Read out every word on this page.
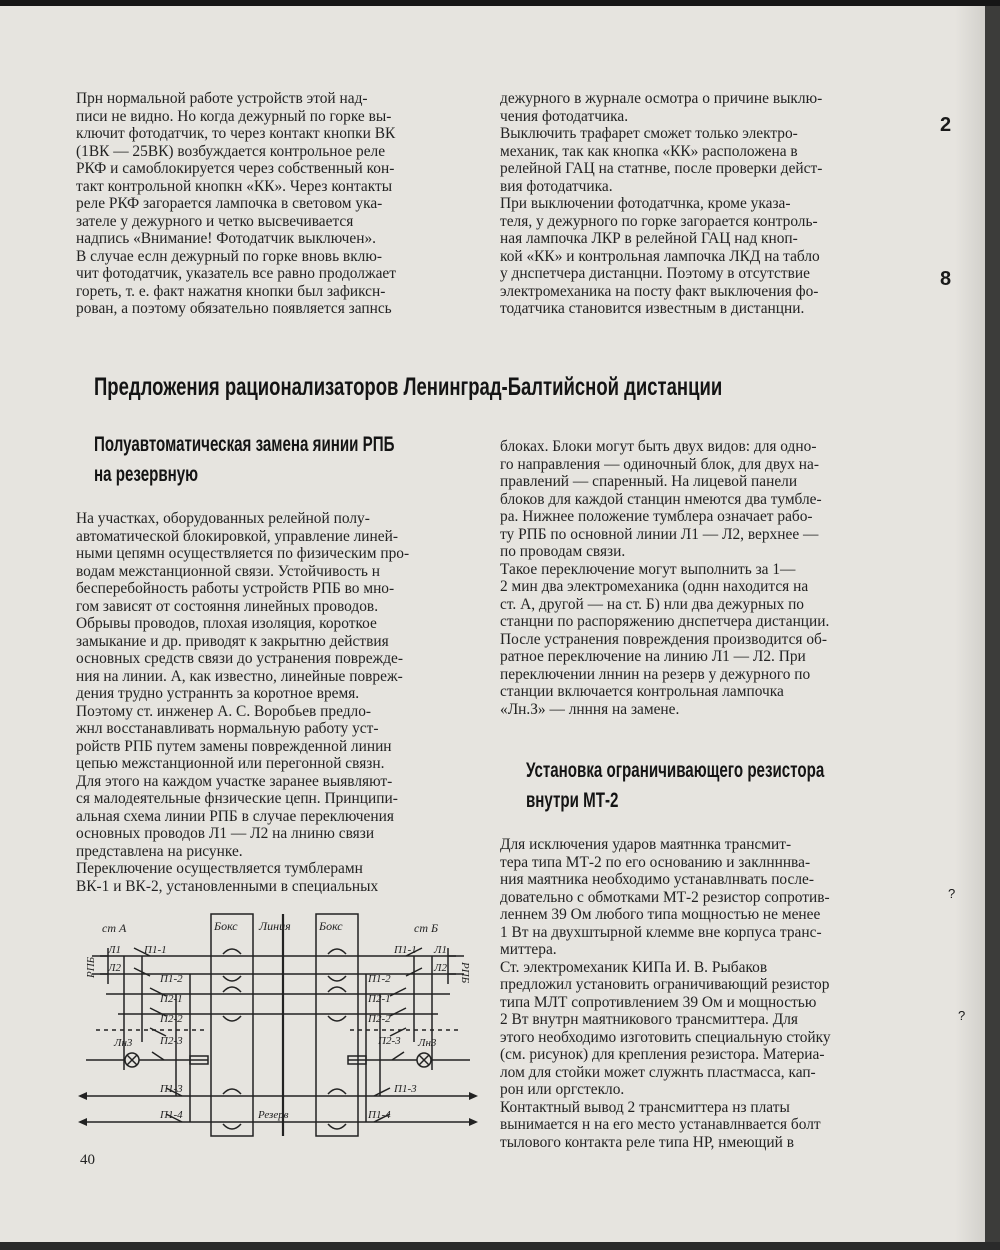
Прн нормальной работе устройств этой над-
писи не видно. Но когда дежурный по горке вы-
ключит фотодатчик, то через контакт кнопки ВК
(1ВК — 25ВК) возбуждается контрольное реле
РКФ и самоблокируется через собственный кон-
такт контрольной кнопкн «КК». Через контакты
реле РКФ загорается лампочка в световом ука-
зателе у дежурного и четко высвечивается
надпись «Внимание! Фотодатчик выключен».
В случае еслн дежурный по горке вновь вклю-
чит фотодатчик, указатель все равно продолжает
гореть, т. е. факт нажатня кнопки был зафиксн-
рован, а поэтому обязательно появляется запнсь

дежурного в журнале осмотра о причине выклю-
чения фотодатчика.
Выключить трафарет сможет только электро-
механик, так как кнопка «КК» расположена в
релейной ГАЦ на статнве, после проверки дейст-
вия фотодатчика.
При выключении фотодатчнка, кроме указа-
теля, у дежурного по горке загорается контроль-
ная лампочка ЛКР в релейной ГАЦ над кноп-
кой «КК» и контрольная лампочка ЛКД на табло
у днспетчера дистанцни. Поэтому в отсутствие
электромеханика на посту факт выключения фо-
тодатчика становится известным в дистанцни.

Предложения рационализаторов Ленинград-Балтийсной дистанции
Полуавтоматическая замена яинии РПБ
на резервную

На участках, оборудованных релейной полу-
автоматической блокировкой, управление линей-
ными цепямн осуществляется по физическим про-
водам межстанционной связи. Устойчивость н
бесперебойность работы устройств РПБ во мно-
гом зависят от состояння линейных проводов.
Обрывы проводов, плохая изоляция, короткое
замыкание и др. приводят к закрытню действия
основных средств связи до устранения поврежде-
ния на линии. А, как известно, линейные повреж-
дения трудно устраннть за коротное время.
Поэтому ст. инженер А. С. Воробьев предло-
жнл восстанавливать нормальную работу уст-
ройств РПБ путем замены поврежденной линин
цепью межстанционной или перегонной связн.
Для этого на каждом участке заранее выявляют-
ся малодеятельные фнзические цепн. Принципи-
альная схема линии РПБ в случае переключения
основных проводов Л1 — Л2 на лниню связи
представлена на рисунке.
Переключение осуществляется тумблерамн
ВК-1 и ВК-2, установленными в специальных

блоках. Блоки могут быть двух видов: для одно-
го направления — одиночный блок, для двух на-
правлений — спаренный. На лицевой панели
блоков для каждой станцин нмеются два тумбле-
ра. Нижнее положение тумблера означает рабо-
ту РПБ по основной линии Л1 — Л2, верхнее —
по проводам связи.
Такое переключение могут выполнить за 1—
2 мин два электромеханика (однн находится на
ст. А, другой — на ст. Б) нли два дежурных по
станцни по распоряжению днспетчера дистанции.
После устранения повреждения производится об-
ратное переключение на линию Л1 — Л2. При
переключении лннин на резерв у дежурного по
станции включается контрольная лампочка
«Лн.З» — лнння на замене.

ст А	ст Б
Бокс Линия Бокс
РПБ	РПБ
Л1
Л2
Л1
Л2
П1-1
П1-2
П2-1
П2-2
П2-3
Лн3
П1-3
П1-4
П1-1
П1-2
П2-1
П2-2
П2-3 Лн3
П1-3
П1-4
Резерв
Установка ограничивающего резистора
внутри МТ-2

Для исключения ударов маятннка трансмит-
тера типа МТ-2 по его основанию и заклнннва-
ния маятника необходимо устанавлнвать после-
довательно с обмотками МТ-2 резистор сопротив-
леннем 39 Ом любого типа мощностью не менее
1 Вт на двухштырной клемме вне корпуса транс-
миттера.
Ст. электромеханик КИПа И. В. Рыбаков
предложил установить ограничивающий резистор
типа МЛТ сопротивлением 39 Ом и мощностью
2 Вт внутрн маятникового трансмиттера. Для
этого необходимо изготовить специальную стойку
(см. рисунок) для крепления резистора. Материа-
лом для стойки может служнть пластмасса, кап-
рон или оргстекло.
Контактный вывод 2 трансмиттера нз платы
вынимается н на его место устанавлнвается болт
тылового контакта реле типа НР, нмеющий в

40
2
8
?
?
